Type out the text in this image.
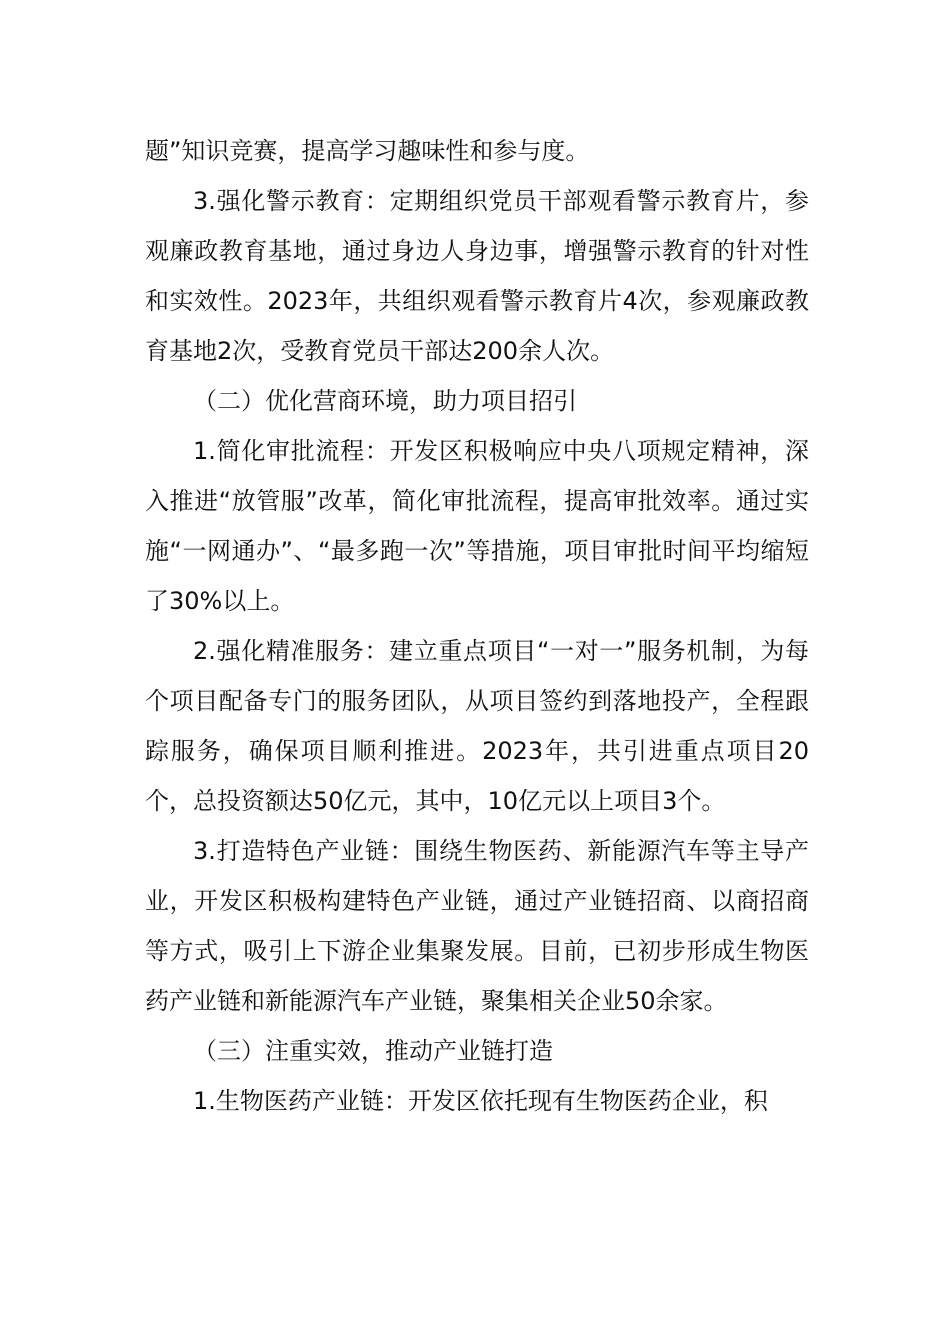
题”知识竞赛，提高学习趣味性和参与度。

3.强化警示教育：定期组织党员干部观看警示教育片，参观廉政教育基地，通过身边人身边事，增强警示教育的针对性和实效性。2023年，共组织观看警示教育片4次，参观廉政教育基地2次，受教育党员干部达200余人次。

（二）优化营商环境，助力项目招引

1.简化审批流程：开发区积极响应中央八项规定精神，深入推进“放管服”改革，简化审批流程，提高审批效率。通过实施“一网通办”、“最多跑一次”等措施，项目审批时间平均缩短了30%以上。

2.强化精准服务：建立重点项目“一对一”服务机制，为每个项目配备专门的服务团队，从项目签约到落地投产，全程跟踪服务，确保项目顺利推进。2023年，共引进重点项目20个，总投资额达50亿元，其中，10亿元以上项目3个。

3.打造特色产业链：围绕生物医药、新能源汽车等主导产业，开发区积极构建特色产业链，通过产业链招商、以商招商等方式，吸引上下游企业集聚发展。目前，已初步形成生物医药产业链和新能源汽车产业链，聚集相关企业50余家。

（三）注重实效，推动产业链打造

1.生物医药产业链：开发区依托现有生物医药企业，积
